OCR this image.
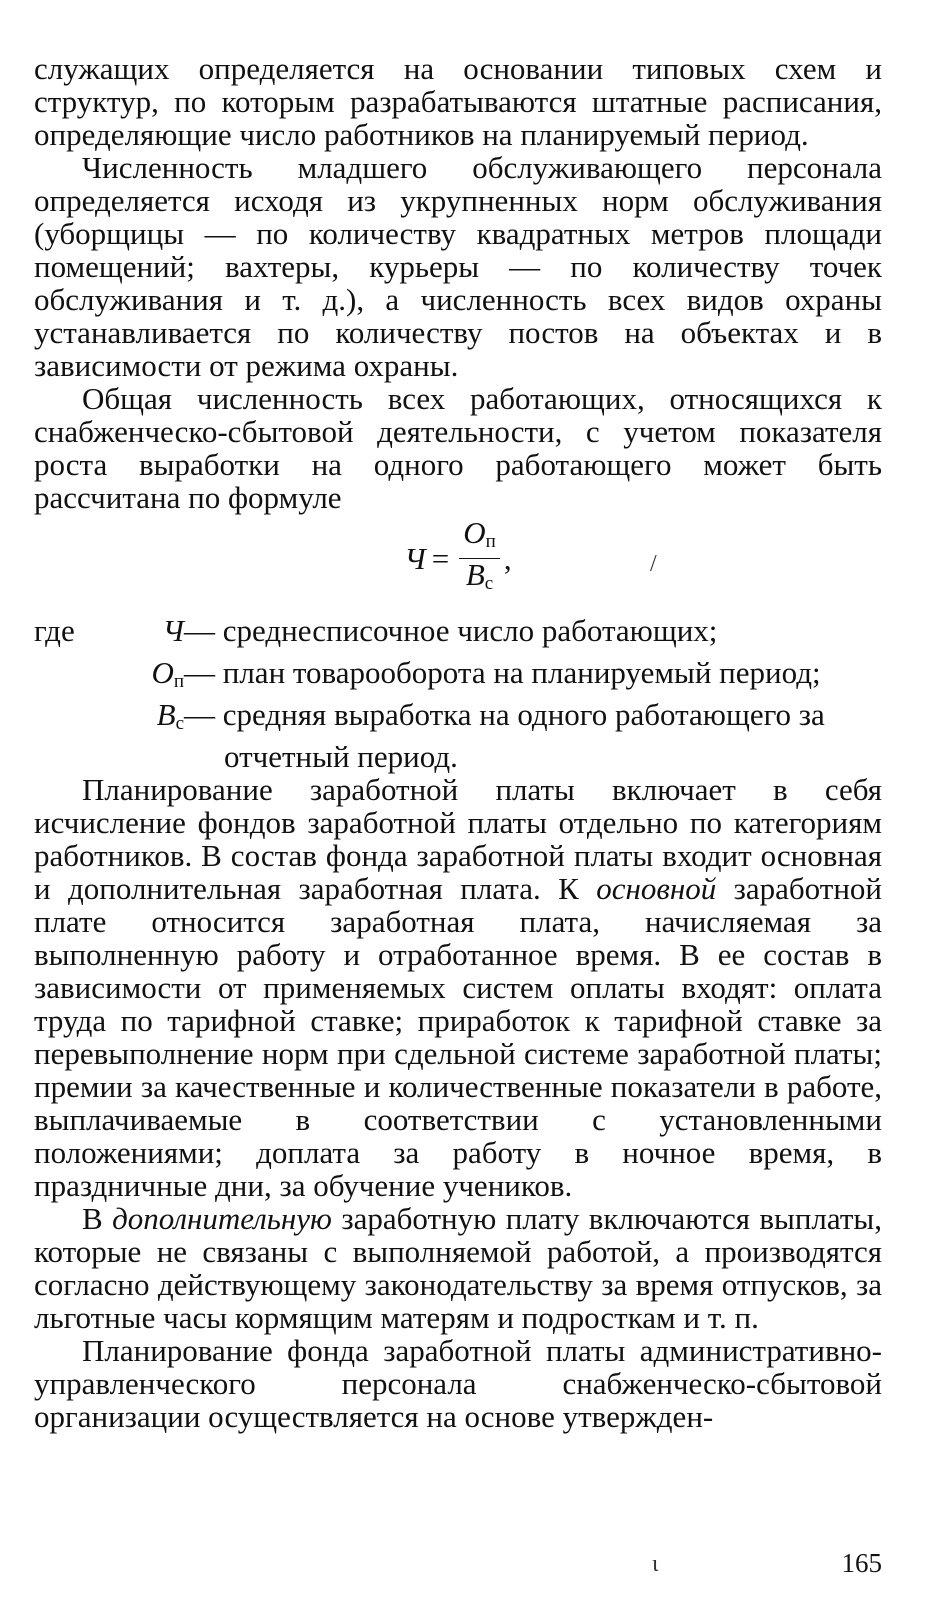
служащих определяется на основании типовых схем и структур, по которым разрабатываются штатные расписания, определяющие число работников на планируемый период.

Численность младшего обслуживающего персонала определяется исходя из укрупненных норм обслуживания (уборщицы — по количеству квадратных метров площади помещений; вахтеры, курьеры — по количеству точек обслуживания и т. д.), а численность всех видов охраны устанавливается по количеству постов на объектах и в зависимости от режима охраны.

Общая численность всех работающих, относящихся к снабженческо-сбытовой деятельности, с учетом показателя роста выработки на одного работающего может быть рассчитана по формуле

$Ч = \frac{О_п}{В_с}$ ,
где	Ч — среднесписочное число работающих;
$О_п$ — план товарооборота на планируемый период;
$В_с$ — средняя выработка на одного работающего за
отчетный период.

Планирование заработной платы включает в себя исчисление фондов заработной платы отдельно по категориям работников. В состав фонда заработной платы входит основная и дополнительная заработная плата. К основной заработной плате относится заработная плата, начисляемая за выполненную работу и отработанное время. В ее состав в зависимости от применяемых систем оплаты входят: оплата труда по тарифной ставке; приработок к тарифной ставке за перевыполнение норм при сдельной системе заработной платы; премии за качественные и количественные показатели в работе, выплачиваемые в соответствии с установленными положениями; доплата за работу в ночное время, в праздничные дни, за обучение учеников.

В дополнительную заработную плату включаются выплаты, которые не связаны с выполняемой работой, а производятся согласно действующему законодательству за время отпусков, за льготные часы кормящим матерям и подросткам и т. п.

Планирование фонда заработной платы административно-управленческого персонала снабженческо-сбытовой организации осуществляется на основе утвержден-

/
ι	165
